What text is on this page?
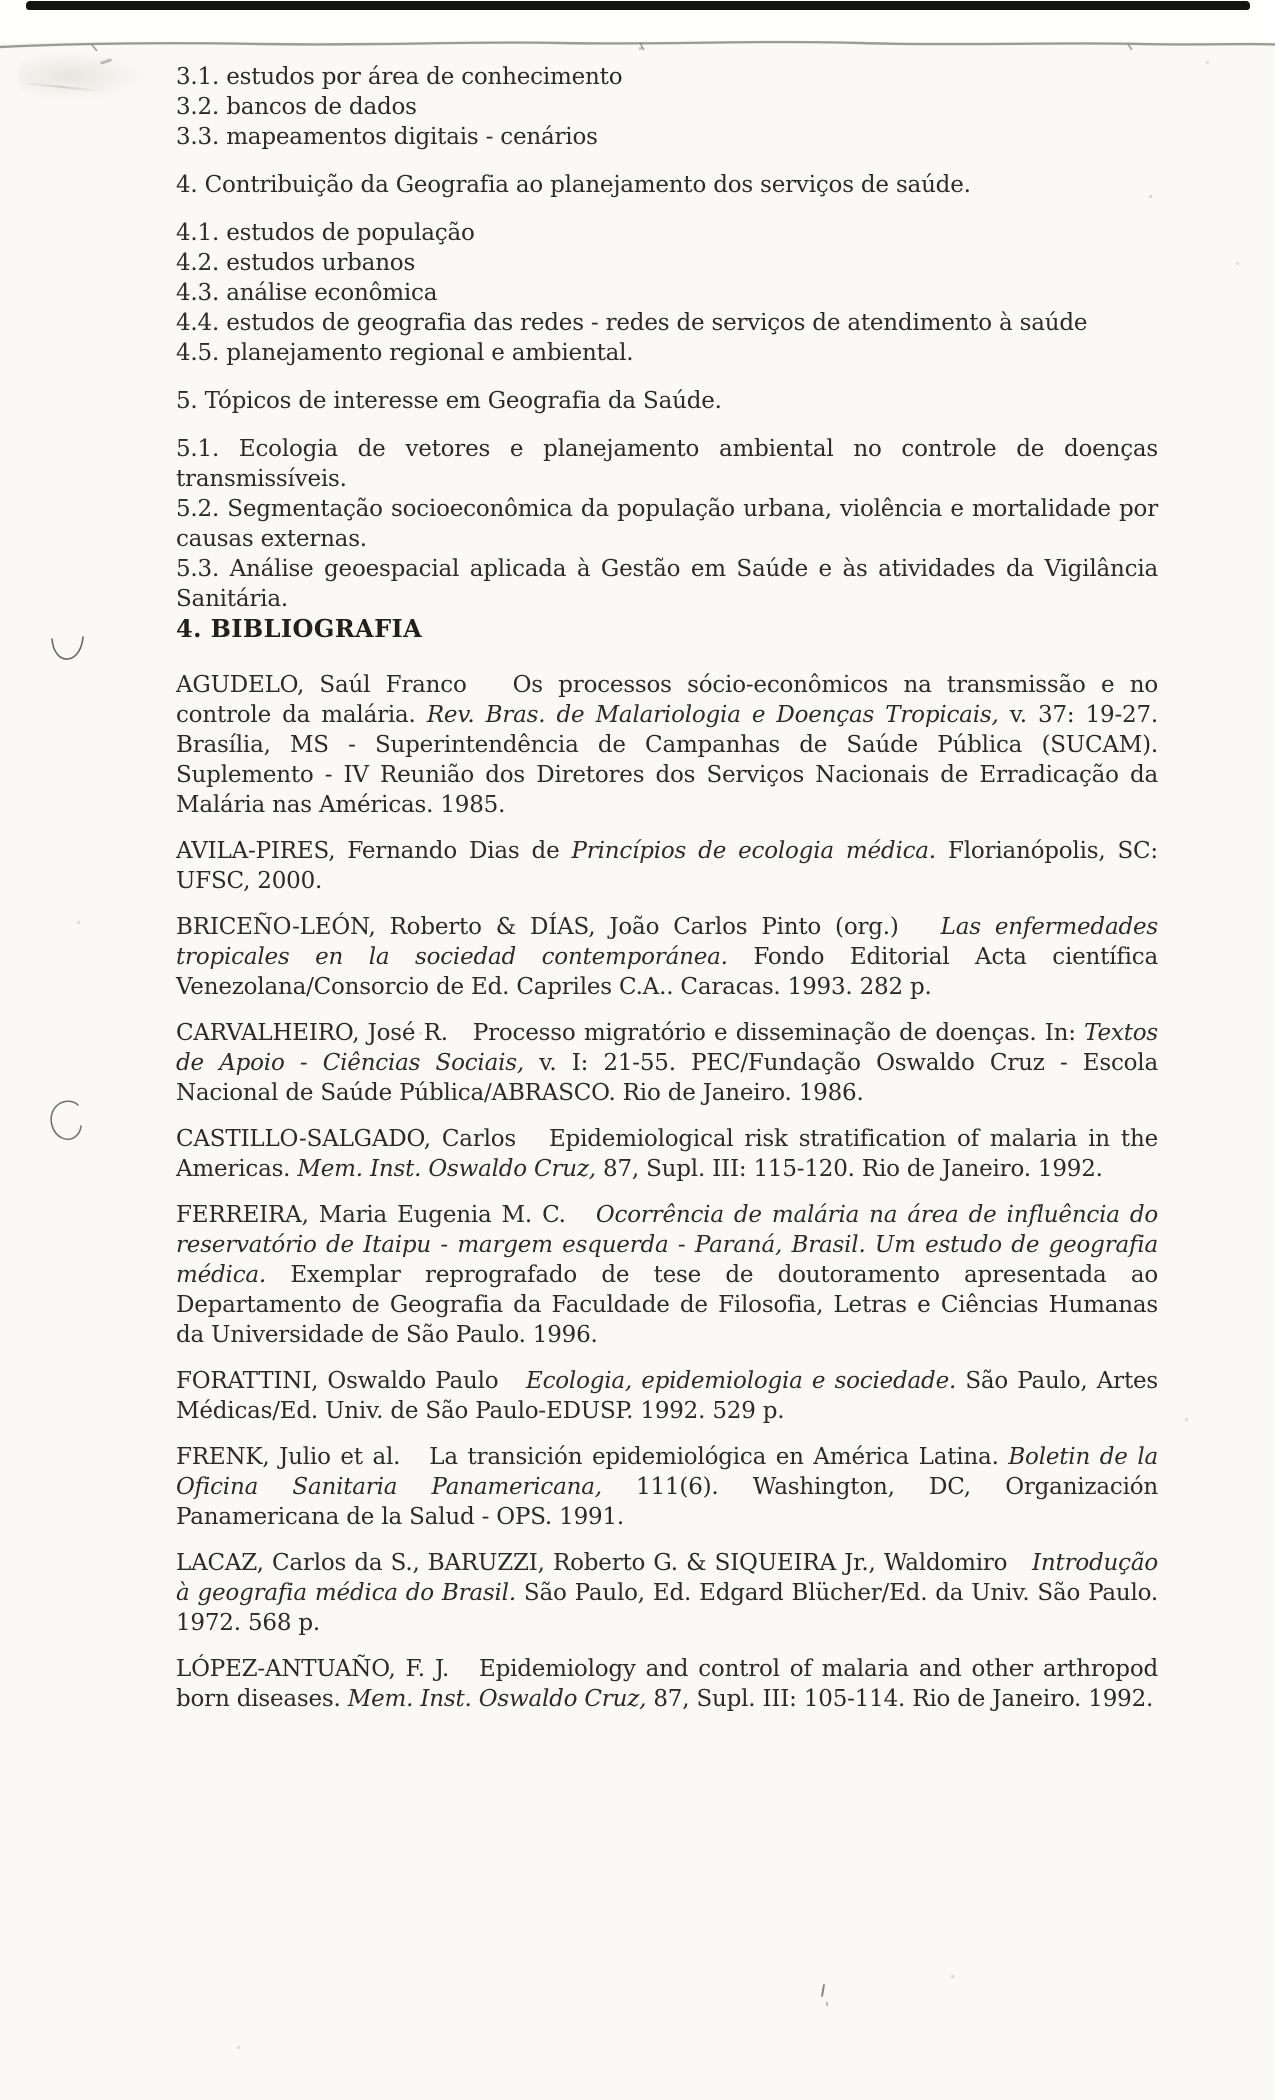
3.1. estudos por área de conhecimento

3.2. bancos de dados

3.3. mapeamentos digitais - cenários

4. Contribuição da Geografia ao planejamento dos serviços de saúde.

4.1. estudos de população

4.2. estudos urbanos

4.3. análise econômica

4.4. estudos de geografia das redes - redes de serviços de atendimento à saúde

4.5. planejamento regional e ambiental.

5. Tópicos de interesse em Geografia da Saúde.

5.1. Ecologia de vetores e planejamento ambiental no controle de doenças transmissíveis.

5.2. Segmentação socioeconômica da população urbana, violência e mortalidade por causas externas.

5.3. Análise geoespacial aplicada à Gestão em Saúde e às atividades da Vigilância Sanitária.

4. BIBLIOGRAFIA

AGUDELO, Saúl Franco   Os processos sócio-econômicos na transmissão e no controle da malária. Rev. Bras. de Malariologia e Doenças Tropicais, v. 37: 19-27. Brasília, MS - Superintendência de Campanhas de Saúde Pública (SUCAM). Suplemento - IV Reunião dos Diretores dos Serviços Nacionais de Erradicação da Malária nas Américas. 1985.

AVILA-PIRES, Fernando Dias de Princípios de ecologia médica. Florianópolis, SC: UFSC, 2000.

BRICEÑO-LEÓN, Roberto & DÍAS, João Carlos Pinto (org.)   Las enfermedades tropicales en la sociedad contemporánea. Fondo Editorial Acta científica Venezolana/Consorcio de Ed. Capriles C.A.. Caracas. 1993. 282 p.

CARVALHEIRO, José R.   Processo migratório e disseminação de doenças. In: Textos de Apoio - Ciências Sociais, v. I: 21-55. PEC/Fundação Oswaldo Cruz - Escola Nacional de Saúde Pública/ABRASCO. Rio de Janeiro. 1986.

CASTILLO-SALGADO, Carlos   Epidemiological risk stratification of malaria in the Americas. Mem. Inst. Oswaldo Cruz, 87, Supl. III: 115-120. Rio de Janeiro. 1992.

FERREIRA, Maria Eugenia M. C.   Ocorrência de malária na área de influência do reservatório de Itaipu - margem esquerda - Paraná, Brasil. Um estudo de geografia médica. Exemplar reprografado de tese de doutoramento apresentada ao Departamento de Geografia da Faculdade de Filosofia, Letras e Ciências Humanas da Universidade de São Paulo. 1996.

FORATTINI, Oswaldo Paulo   Ecologia, epidemiologia e sociedade. São Paulo, Artes Médicas/Ed. Univ. de São Paulo-EDUSP. 1992. 529 p.

FRENK, Julio et al.   La transición epidemiológica en América Latina. Boletin de la Oficina Sanitaria Panamericana, 111(6). Washington, DC, Organización Panamericana de la Salud - OPS. 1991.

LACAZ, Carlos da S., BARUZZI, Roberto G. & SIQUEIRA Jr., Waldomiro   Introdução à geografia médica do Brasil. São Paulo, Ed. Edgard Blücher/Ed. da Univ. São Paulo. 1972. 568 p.

LÓPEZ-ANTUAÑO, F. J.   Epidemiology and control of malaria and other arthropod born diseases. Mem. Inst. Oswaldo Cruz, 87, Supl. III: 105-114. Rio de Janeiro. 1992.
